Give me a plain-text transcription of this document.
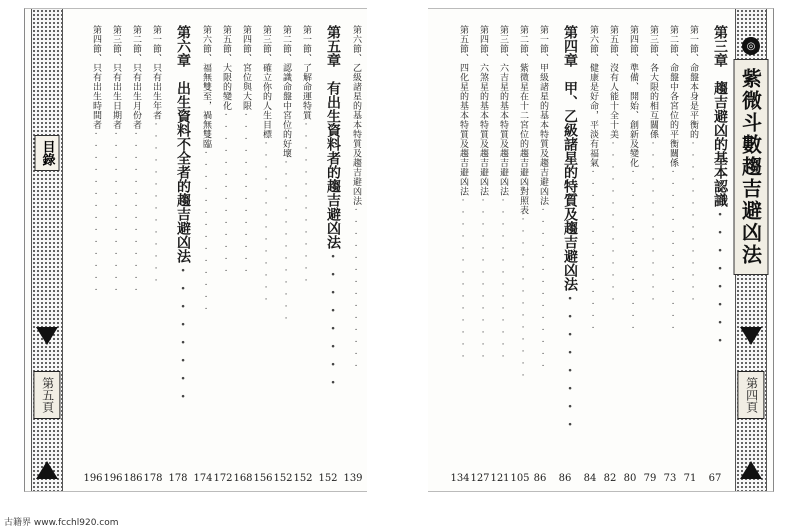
目錄
第五頁
第六節、乙級諸星的基本特質及趨吉避凶法··············
139
第五章　有出生資料者的趨吉避凶法········
152
第一節、了解命運特質··············
152
第二節、認識命盤中宮位的好壞··············
152
第三節、確立你的人生目標··············
156
第四節、宮位與大限··············
168
第五節、大限的變化··············
172
第六節、福無雙至，禍無雙臨··············
174
第六章　出生資料不全者的趨吉避凶法········
178
第一節、只有出生年者··············
178
第二節、只有出生月份者··············
186
第三節、只有出生日期者··············
196
第四節、只有出生時間者··············
196
◎
紫微斗數趨吉避凶法
第四頁
第三章　趨吉避凶的基本認識········
67
第一節、命盤本身是平衡的··············
71
第二節、命盤中各宮位的平衡關係··············
73
第三節、各大限的相互關係··············
79
第四節、準備、開始、創新及變化··············
80
第五節、沒有人能十全十美··············
82
第六節、健康是好命，平淡有福氣··············
84
第四章　甲、乙級諸星的特質及趨吉避凶法········
86
第一節、甲級諸星的基本特質及趨吉避凶法··············
86
第二節、紫微星在十二宮位的趨吉避凶對照表··············
105
第三節、六吉星的基本特質及趨吉避凶法··············
121
第四節、六煞星的基本特質及趨吉避凶法··············
127
第五節、四化星的基本特質及趨吉避凶法··············
134
古籍界 www.fcchl920.com
